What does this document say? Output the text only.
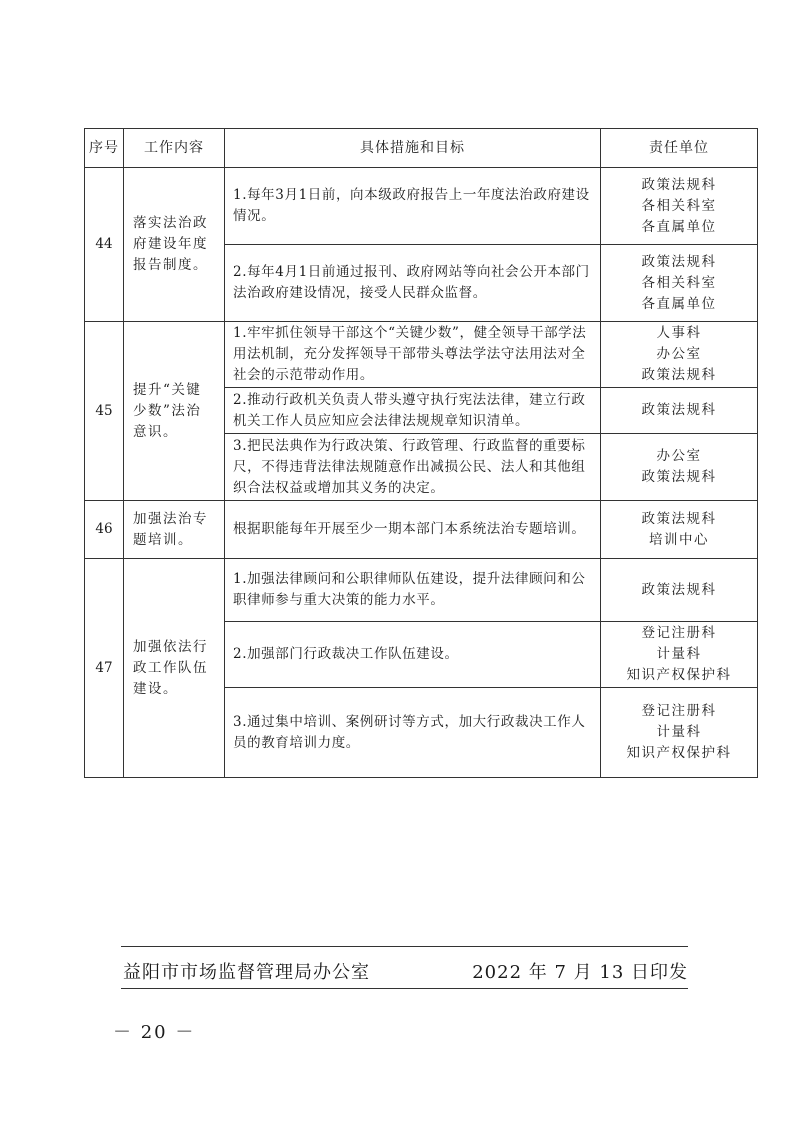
序号	工作内容	具体措施和目标	责任单位
44	落实法治政府建设年度报告制度。	1.每年3月1日前，向本级政府报告上一年度法治政府建设情况。	政策法规科
各相关科室
各直属单位

		2.每年4月1日前通过报刊、政府网站等向社会公开本部门法治政府建设情况，接受人民群众监督。	政策法规科
各相关科室
各直属单位

45	提升“关键少数”法治意识。	1.牢牢抓住领导干部这个“关键少数”，健全领导干部学法用法机制，充分发挥领导干部带头尊法学法守法用法对全社会的示范带动作用。	人事科
办公室
政策法规科

		2.推动行政机关负责人带头遵守执行宪法法律，建立行政机关工作人员应知应会法律法规规章知识清单。	政策法规科

		3.把民法典作为行政决策、行政管理、行政监督的重要标尺，不得违背法律法规随意作出减损公民、法人和其他组织合法权益或增加其义务的决定。	办公室
政策法规科

46	加强法治专题培训。	根据职能每年开展至少一期本部门本系统法治专题培训。	政策法规科
培训中心

47	加强依法行政工作队伍建设。	1.加强法律顾问和公职律师队伍建设，提升法律顾问和公职律师参与重大决策的能力水平。	政策法规科

		2.加强部门行政裁决工作队伍建设。	登记注册科
计量科
知识产权保护科

		3.通过集中培训、案例研讨等方式，加大行政裁决工作人员的教育培训力度。	登记注册科
计量科
知识产权保护科
益阳市市场监督管理局办公室	2022 年 7 月 13 日印发
－ 20 －
